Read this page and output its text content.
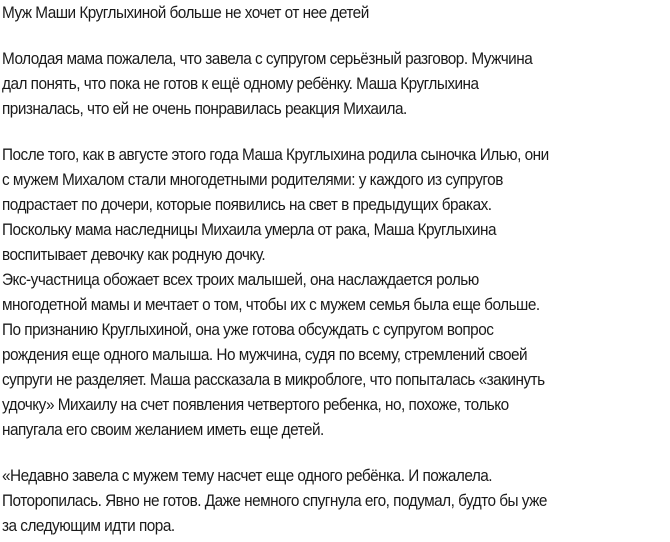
Муж Маши Круглыхиной больше не хочет от нее детей

Молодая мама пожалела, что завела с супругом серьёзный разговор. Мужчина
дал понять, что пока не готов к ещё одному ребёнку. Маша Круглыхина
призналась, что ей не очень понравилась реакция Михаила.

После того, как в августе этого года Маша Круглыхина родила сыночка Илью, они
с мужем Михалом стали многодетными родителями: у каждого из супругов
подрастает по дочери, которые появились на свет в предыдущих браках.
Поскольку мама наследницы Михаила умерла от рака, Маша Круглыхина
воспитывает девочку как родную дочку.

Экс-участница обожает всех троих малышей, она наслаждается ролью
многодетной мамы и мечтает о том, чтобы их с мужем семья была еще больше.
По признанию Круглыхиной, она уже готова обсуждать с супругом вопрос
рождения еще одного малыша. Но мужчина, судя по всему, стремлений своей
супруги не разделяет. Маша рассказала в микроблоге, что попыталась «закинуть
удочку» Михаилу на счет появления четвертого ребенка, но, похоже, только
напугала его своим желанием иметь еще детей.

«Недавно завела с мужем тему насчет еще одного ребёнка. И пожалела.
Поторопилась. Явно не готов. Даже немного спугнула его, подумал, будто бы уже
за следующим идти пора.
